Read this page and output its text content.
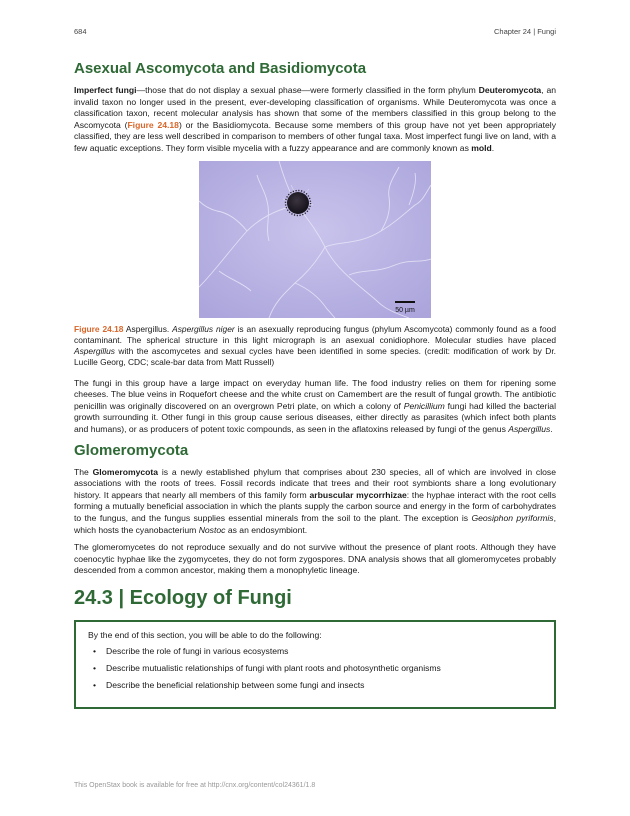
684	Chapter 24 | Fungi
Asexual Ascomycota and Basidiomycota

Imperfect fungi—those that do not display a sexual phase—were formerly classified in the form phylum Deuteromycota, an invalid taxon no longer used in the present, ever-developing classification of organisms. While Deuteromycota was once a classification taxon, recent molecular analysis has shown that some of the members classified in this group belong to the Ascomycota (Figure 24.18) or the Basidiomycota. Because some members of this group have not yet been appropriately classified, they are less well described in comparison to members of other fungal taxa. Most imperfect fungi live on land, with a few aquatic exceptions. They form visible mycelia with a fuzzy appearance and are commonly known as mold.

50 µm
Figure 24.18 Aspergillus. Aspergillus niger is an asexually reproducing fungus (phylum Ascomycota) commonly found as a food contaminant. The spherical structure in this light micrograph is an asexual conidiophore. Molecular studies have placed Aspergillus with the ascomycetes and sexual cycles have been identified in some species. (credit: modification of work by Dr. Lucille Georg, CDC; scale-bar data from Matt Russell)

The fungi in this group have a large impact on everyday human life. The food industry relies on them for ripening some cheeses. The blue veins in Roquefort cheese and the white crust on Camembert are the result of fungal growth. The antibiotic penicillin was originally discovered on an overgrown Petri plate, on which a colony of Penicillium fungi had killed the bacterial growth surrounding it. Other fungi in this group cause serious diseases, either directly as parasites (which infect both plants and humans), or as producers of potent toxic compounds, as seen in the aflatoxins released by fungi of the genus Aspergillus.

Glomeromycota

The Glomeromycota is a newly established phylum that comprises about 230 species, all of which are involved in close associations with the roots of trees. Fossil records indicate that trees and their root symbionts share a long evolutionary history. It appears that nearly all members of this family form arbuscular mycorrhizae: the hyphae interact with the root cells forming a mutually beneficial association in which the plants supply the carbon source and energy in the form of carbohydrates to the fungus, and the fungus supplies essential minerals from the soil to the plant. The exception is Geosiphon pyriformis, which hosts the cyanobacterium Nostoc as an endosymbiont.

The glomeromycetes do not reproduce sexually and do not survive without the presence of plant roots. Although they have coenocytic hyphae like the zygomycetes, they do not form zygospores. DNA analysis shows that all glomeromycetes probably descended from a common ancestor, making them a monophyletic lineage.

24.3 | Ecology of Fungi

By the end of this section, you will be able to do the following:

• Describe the role of fungi in various ecosystems
• Describe mutualistic relationships of fungi with plant roots and photosynthetic organisms
• Describe the beneficial relationship between some fungi and insects
This OpenStax book is available for free at http://cnx.org/content/col24361/1.8
